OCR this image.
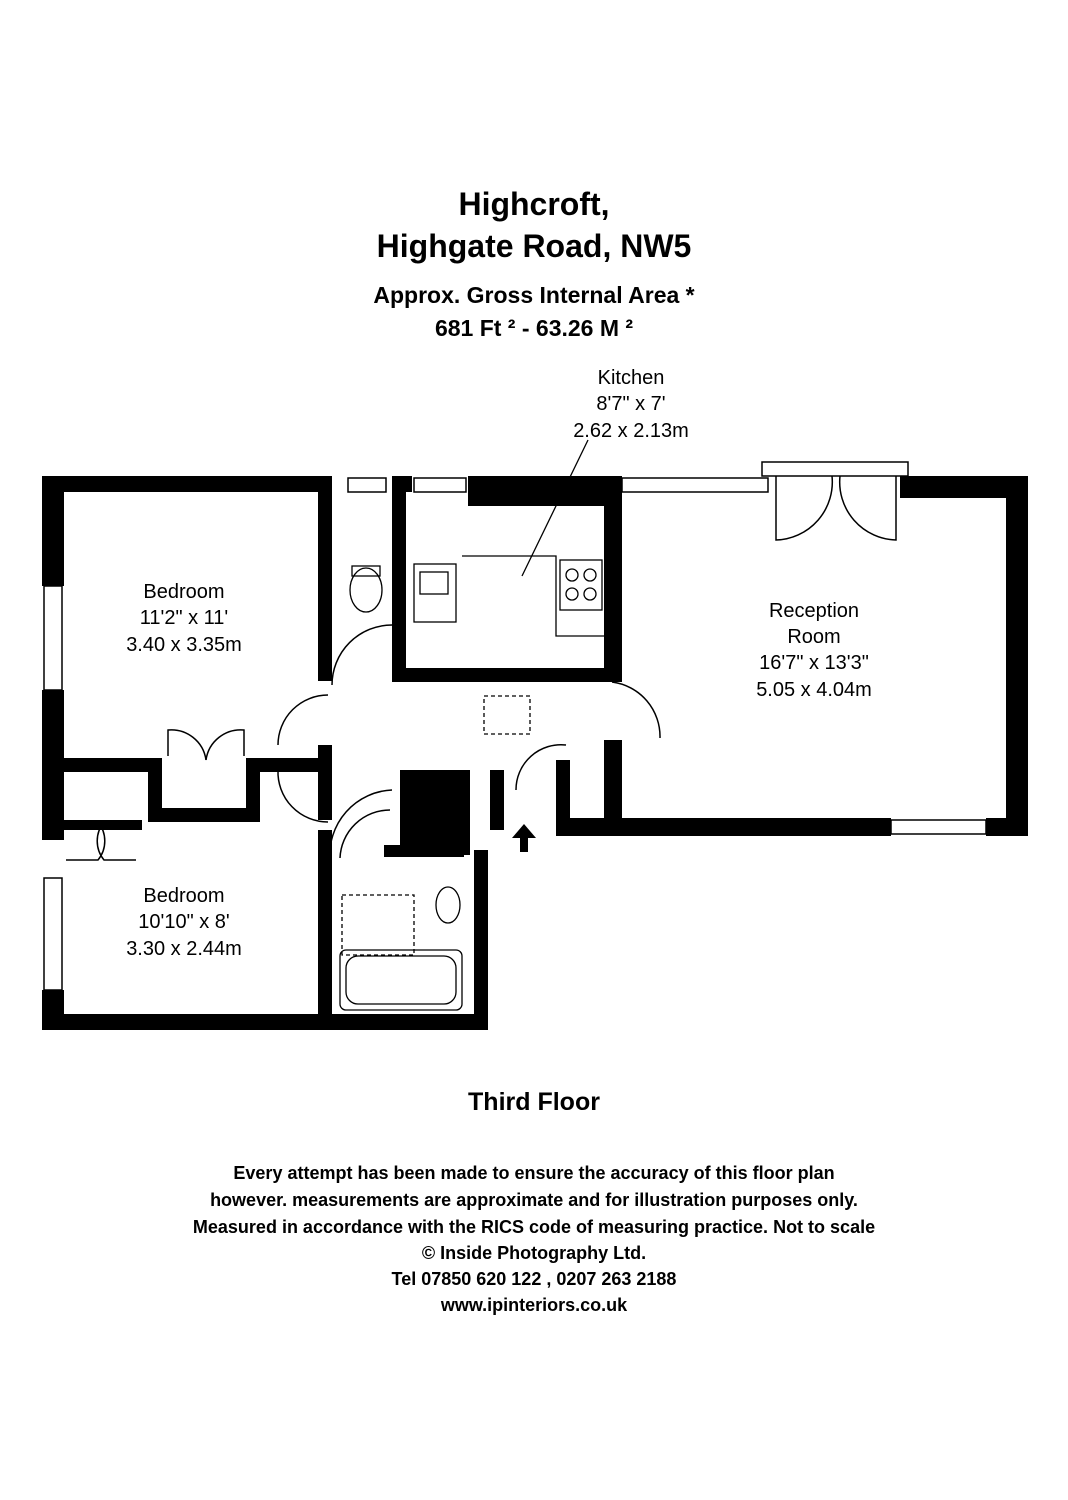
Highcroft,
Highgate Road, NW5
Approx. Gross Internal Area *
681 Ft ² - 63.26 M ²
Kitchen
8'7" x 7'
2.62 x 2.13m
Bedroom
11'2" x 11'
3.40 x 3.35m
Reception
Room
16'7" x 13'3"
5.05 x 4.04m
Bedroom
10'10" x 8'
3.30 x 2.44m
Third Floor
Every attempt has been made to ensure the accuracy of this floor plan
however. measurements are approximate and for illustration purposes only.
Measured in accordance with the RICS code of measuring practice. Not to scale
© Inside Photography Ltd.
Tel 07850 620 122 , 0207 263 2188
www.ipinteriors.co.uk
